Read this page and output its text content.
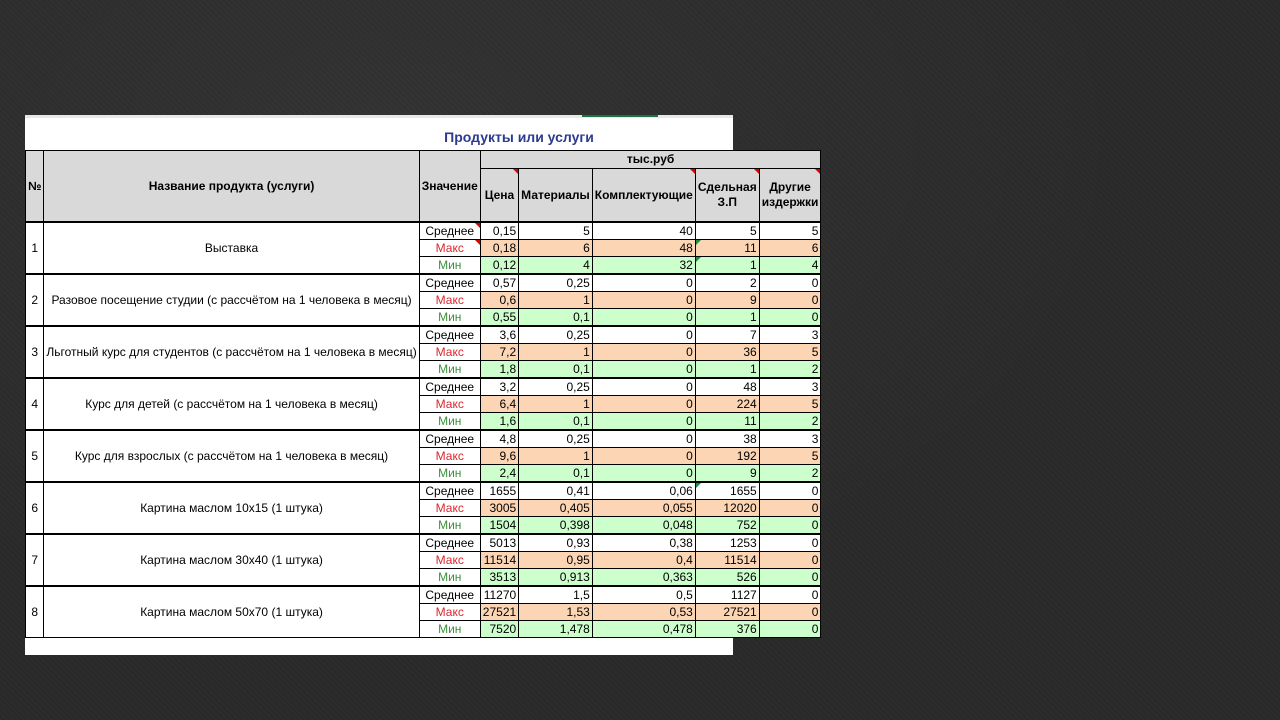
Продукты или услуги
№	Название продукта (услуги)	Значение	тыс.руб				
			Цена	Материалы	Комплектующие	Сдельная З.П	Другие издержки
1	Выставка	Среднее	0,15	5	40	5	5
		Макс	0,18	6	48	11	6
		Мин	0,12	4	32	1	4
2	Разовое посещение студии (с рассчётом на 1 человека в месяц)	Среднее	0,57	0,25	0	2	0
		Макс	0,6	1	0	9	0
		Мин	0,55	0,1	0	1	0
3	Льготный курс для студентов (с рассчётом на 1 человека в месяц)	Среднее	3,6	0,25	0	7	3
		Макс	7,2	1	0	36	5
		Мин	1,8	0,1	0	1	2
4	Курс для детей (с рассчётом на 1 человека в месяц)	Среднее	3,2	0,25	0	48	3
		Макс	6,4	1	0	224	5
		Мин	1,6	0,1	0	11	2
5	Курс для взрослых (с рассчётом на 1 человека в месяц)	Среднее	4,8	0,25	0	38	3
		Макс	9,6	1	0	192	5
		Мин	2,4	0,1	0	9	2
6	Картина маслом 10х15 (1 штука)	Среднее	1655	0,41	0,06	1655	0
		Макс	3005	0,405	0,055	12020	0
		Мин	1504	0,398	0,048	752	0
7	Картина маслом 30х40 (1 штука)	Среднее	5013	0,93	0,38	1253	0
		Макс	11514	0,95	0,4	11514	0
		Мин	3513	0,913	0,363	526	0
8	Картина маслом 50х70 (1 штука)	Среднее	11270	1,5	0,5	1127	0
		Макс	27521	1,53	0,53	27521	0
		Мин	7520	1,478	0,478	376	0
